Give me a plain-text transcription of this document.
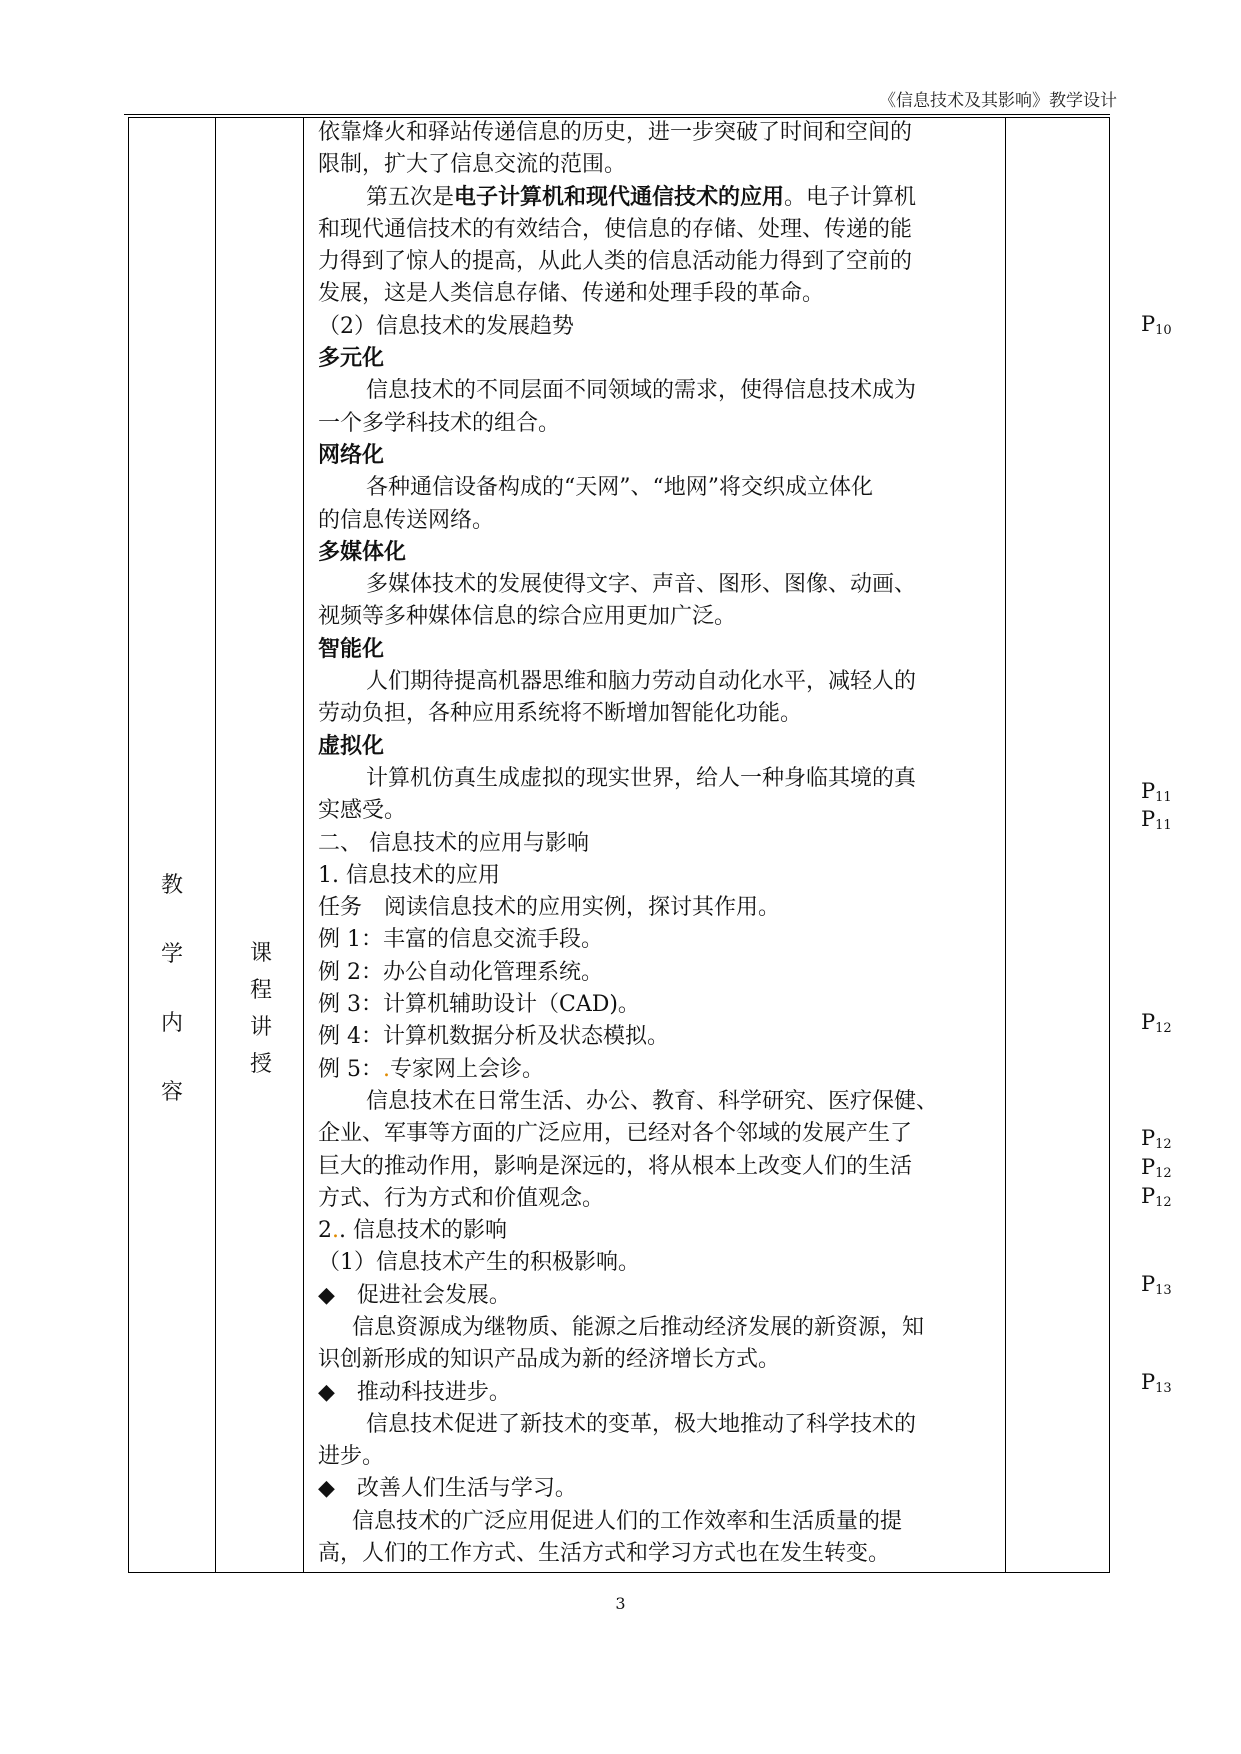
《信息技术及其影响》教学设计
教
学
内
容
课
程
讲
授
$P_{10}$
$P_{11}$
$P_{11}$
$P_{12}$
$P_{12}$
$P_{12}$
$P_{12}$
$P_{13}$
$P_{13}$
依靠烽火和驿站传递信息的历史，进一步突破了时间和空间的
限制，扩大了信息交流的范围。
第五次是电子计算机和现代通信技术的应用。电子计算机
和现代通信技术的有效结合，使信息的存储、处理、传递的能
力得到了惊人的提高，从此人类的信息活动能力得到了空前的
发展，这是人类信息存储、传递和处理手段的革命。
（2）信息技术的发展趋势
多元化
信息技术的不同层面不同领域的需求，使得信息技术成为
一个多学科技术的组合。
网络化
各种通信设备构成的“天网”、“地网”将交织成立体化
的信息传送网络。
多媒体化
多媒体技术的发展使得文字、声音、图形、图像、动画、
视频等多种媒体信息的综合应用更加广泛。
智能化
人们期待提高机器思维和脑力劳动自动化水平，减轻人的
劳动负担，各种应用系统将不断增加智能化功能。
虚拟化
计算机仿真生成虚拟的现实世界，给人一种身临其境的真
实感受。
二、 信息技术的应用与影响
1. 信息技术的应用
任务　阅读信息技术的应用实例，探讨其作用。
例 1：丰富的信息交流手段。
例 2：办公自动化管理系统。
例 3：计算机辅助设计（CAD)。
例 4：计算机数据分析及状态模拟。
例 5：.专家网上会诊。
信息技术在日常生活、办公、教育、科学研究、医疗保健、
企业、军事等方面的广泛应用，已经对各个邻域的发展产生了
巨大的推动作用，影响是深远的，将从根本上改变人们的生活
方式、行为方式和价值观念。
2.. 信息技术的影响
（1）信息技术产生的积极影响。
◆　促进社会发展。
信息资源成为继物质、能源之后推动经济发展的新资源，知
识创新形成的知识产品成为新的经济增长方式。
◆　推动科技进步。
信息技术促进了新技术的变革，极大地推动了科学技术的
进步。
◆　改善人们生活与学习。
信息技术的广泛应用促进人们的工作效率和生活质量的提
高，人们的工作方式、生活方式和学习方式也在发生转变。
3
